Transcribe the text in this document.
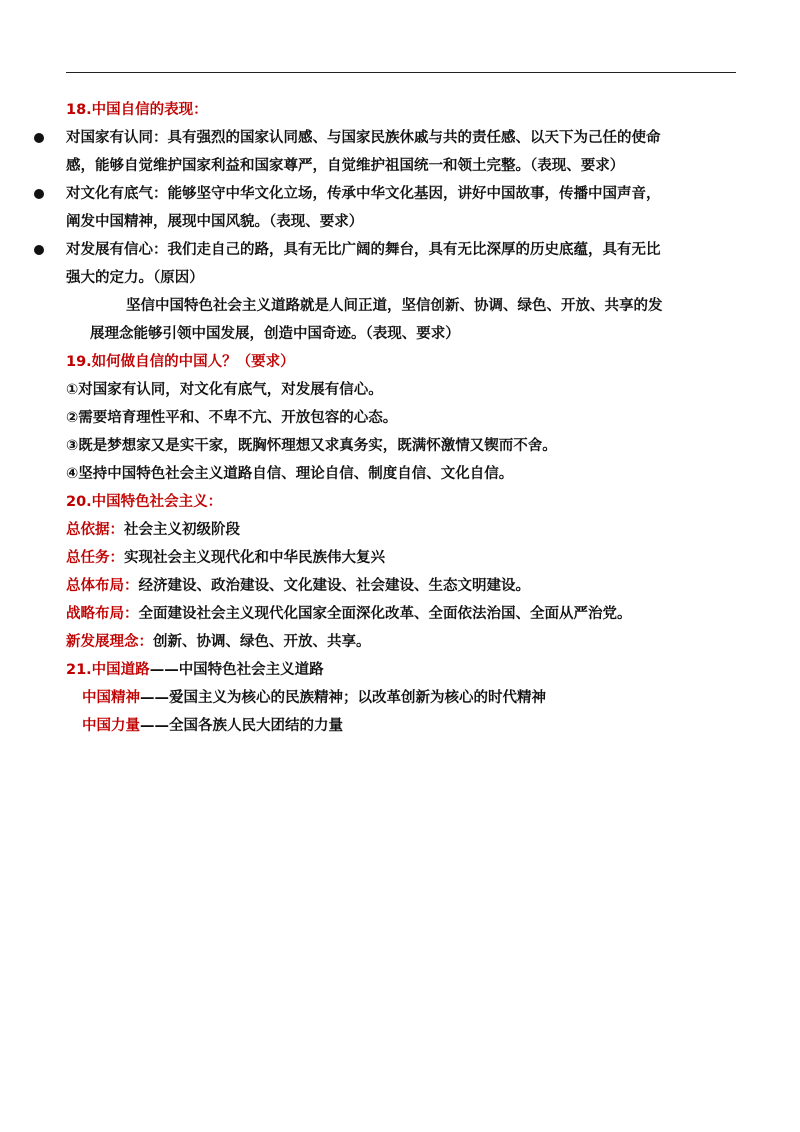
18.中国自信的表现：
对国家有认同：具有强烈的国家认同感、与国家民族休戚与共的责任感、以天下为己任的使命
感，能够自觉维护国家利益和国家尊严，自觉维护祖国统一和领土完整。（表现、要求）
对文化有底气：能够坚守中华文化立场，传承中华文化基因，讲好中国故事，传播中国声音，
阐发中国精神，展现中国风貌。（表现、要求）
对发展有信心：我们走自己的路，具有无比广阔的舞台，具有无比深厚的历史底蕴，具有无比
强大的定力。（原因）
坚信中国特色社会主义道路就是人间正道，坚信创新、协调、绿色、开放、共享的发
展理念能够引领中国发展，创造中国奇迹。（表现、要求）
19.如何做自信的中国人？（要求）
①对国家有认同，对文化有底气，对发展有信心。
②需要培育理性平和、不卑不亢、开放包容的心态。
③既是梦想家又是实干家，既胸怀理想又求真务实，既满怀激情又锲而不舍。
④坚持中国特色社会主义道路自信、理论自信、制度自信、文化自信。
20.中国特色社会主义：
总依据：社会主义初级阶段
总任务：实现社会主义现代化和中华民族伟大复兴
总体布局：经济建设、政治建设、文化建设、社会建设、生态文明建设。
战略布局：全面建设社会主义现代化国家全面深化改革、全面依法治国、全面从严治党。
新发展理念：创新、协调、绿色、开放、共享。
21.中国道路——中国特色社会主义道路
中国精神——爱国主义为核心的民族精神；以改革创新为核心的时代精神
中国力量——全国各族人民大团结的力量
